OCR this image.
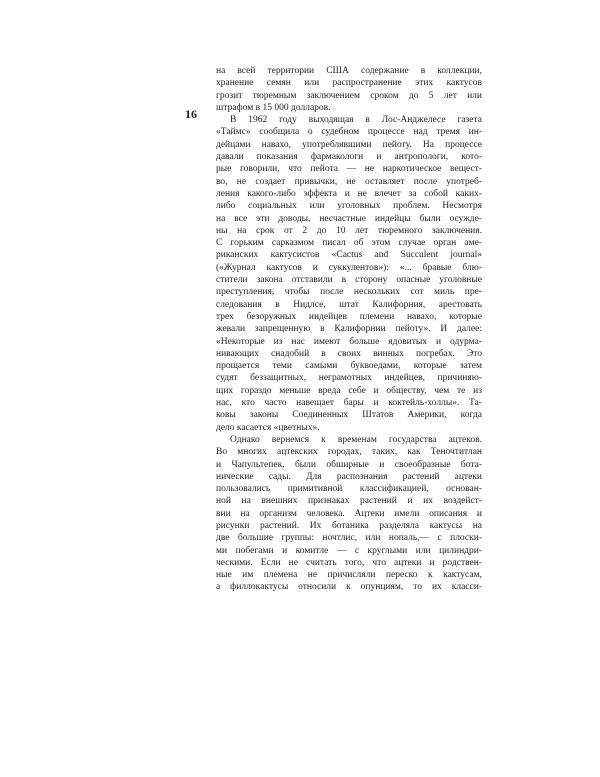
16
на всей территории США содержание в коллекции,
хранение семян или распространение этих кактусов
грозит тюремным заключением сроком до 5 лет или
штрафом в 15 000 долларов.
В 1962 году выходящая в Лос-Анджелесе газета
«Таймс» сообщила о судебном процессе над тремя ин-
дейцами навахо, употреблявшими пейоту. На процессе
давали показания фармакологи и антропологи, кото-
рые говорили, что пейота — не наркотическое вещест-
во, не создает привычки, не оставляет после употреб-
ления какого-либо эффекта и не влечет за собой каких-
либо социальных или уголовных проблем. Несмотря
на все эти доводы, несчастные индейцы были осужде-
ны на срок от 2 до 10 лет тюремного заключения.
С горьким сарказмом писал об этом случае орган аме-
риканских кактусистов «Cactus and Succulent journal»
(«Журнал кактусов и суккулентов»): «... бравые блю-
стители закона отставили в сторону опасные уголовные
преступления, чтобы после нескольких сот миль пре-
следования в Нидлсе, штат Калифорния, арестовать
трех безоружных индейцев племени навахо, которые
жевали запрещенную в Калифорнии пейоту». И далее:
«Некоторые из нас имеют больше ядовитых и одурма-
нивающих снадобий в своих винных погребах. Это
прощается теми самыми буквоедами, которые затем
судят беззащитных, неграмотных индейцев, причиняю-
щих гораздо меньше вреда себе и обществу, чем те из
нас, кто часто навещает бары и коктейль-холлы». Та-
ковы законы Соединенных Штатов Америки, когда
дело касается «цветных».
Однако вернемся к временам государства ацтеков.
Во многих ацтекских городах, таких, как Теночтитлан
и Чапультепек, были обширные и своеобразные бота-
нические сады. Для распознания растений ацтеки
пользовались примитивной классификацией, основан-
ной на внешних признаках растений и их воздейст-
вии на организм человека. Ацтеки имели описания и
рисунки растений. Их ботаника разделяла кактусы на
две большие группы: ночтлис, или нопаль,— с плоски-
ми побегами и комитле — с круглыми или цилиндри-
ческими. Если не считать того, что ацтеки и родствен-
ные им племена не причисляли переско к кактусам,
а филлокактусы относили к опунциям, то их класси-
